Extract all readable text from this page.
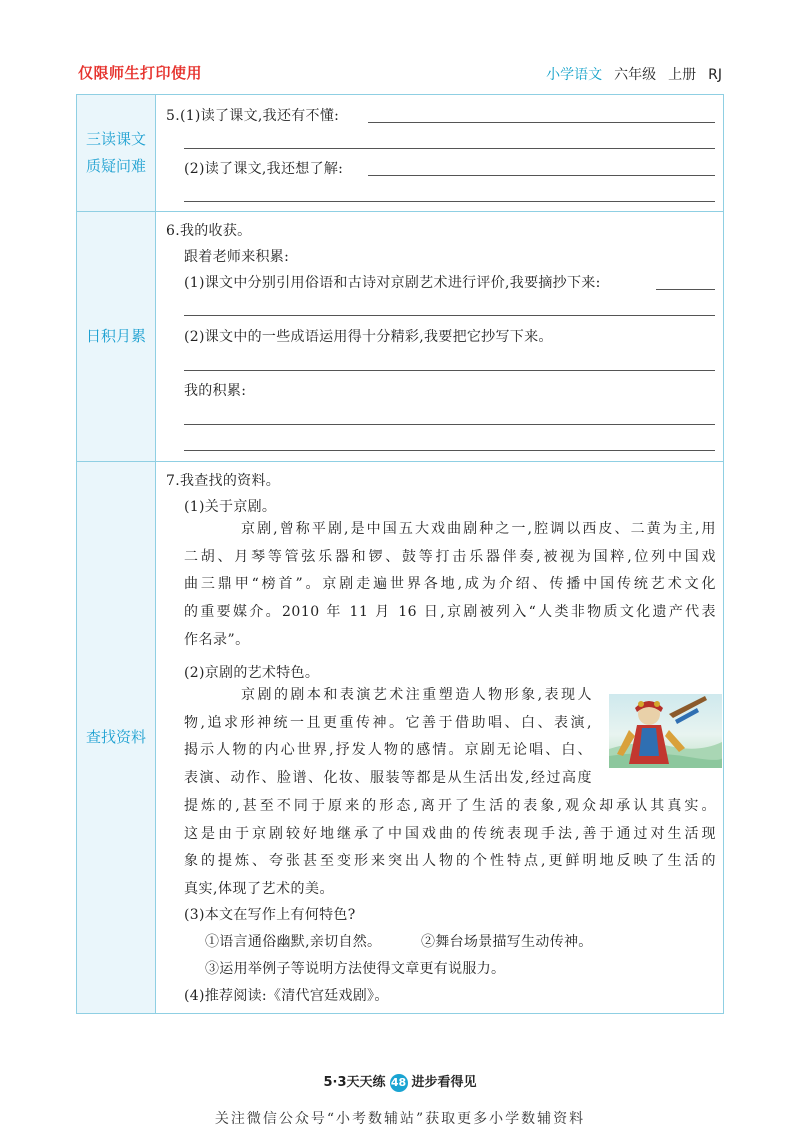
仅限师生打印使用	小学语文 六年级 上册 RJ
三读课文
质疑问难
5.(1)读了课文,我还有不懂:
(2)读了课文,我还想了解:
日积月累
6.我的收获。
跟着老师来积累:
(1)课文中分别引用俗语和古诗对京剧艺术进行评价,我要摘抄下来:
(2)课文中的一些成语运用得十分精彩,我要把它抄写下来。
我的积累:
查找资料
7.我查找的资料。
(1)关于京剧。
京剧,曾称平剧,是中国五大戏曲剧种之一,腔调以西皮、二黄为主,用
二胡、月琴等管弦乐器和锣、鼓等打击乐器伴奏,被视为国粹,位列中国戏
曲三鼎甲“榜首”。京剧走遍世界各地,成为介绍、传播中国传统艺术文化
的重要媒介。2010 年 11 月 16 日,京剧被列入“人类非物质文化遗产代表
作名录”。
(2)京剧的艺术特色。
京剧的剧本和表演艺术注重塑造人物形象,表现人
物,追求形神统一且更重传神。它善于借助唱、白、表演,
揭示人物的内心世界,抒发人物的感情。京剧无论唱、白、
表演、动作、脸谱、化妆、服装等都是从生活出发,经过高度
提炼的,甚至不同于原来的形态,离开了生活的表象,观众却承认其真实。
这是由于京剧较好地继承了中国戏曲的传统表现手法,善于通过对生活现
象的提炼、夸张甚至变形来突出人物的个性特点,更鲜明地反映了生活的
真实,体现了艺术的美。
(3)本文在写作上有何特色?
①语言通俗幽默,亲切自然。	②舞台场景描写生动传神。
③运用举例子等说明方法使得文章更有说服力。
(4)推荐阅读:《清代宫廷戏剧》。
5·3天天练 48 进步看得见
关注微信公众号“小考数辅站”获取更多小学数辅资料
